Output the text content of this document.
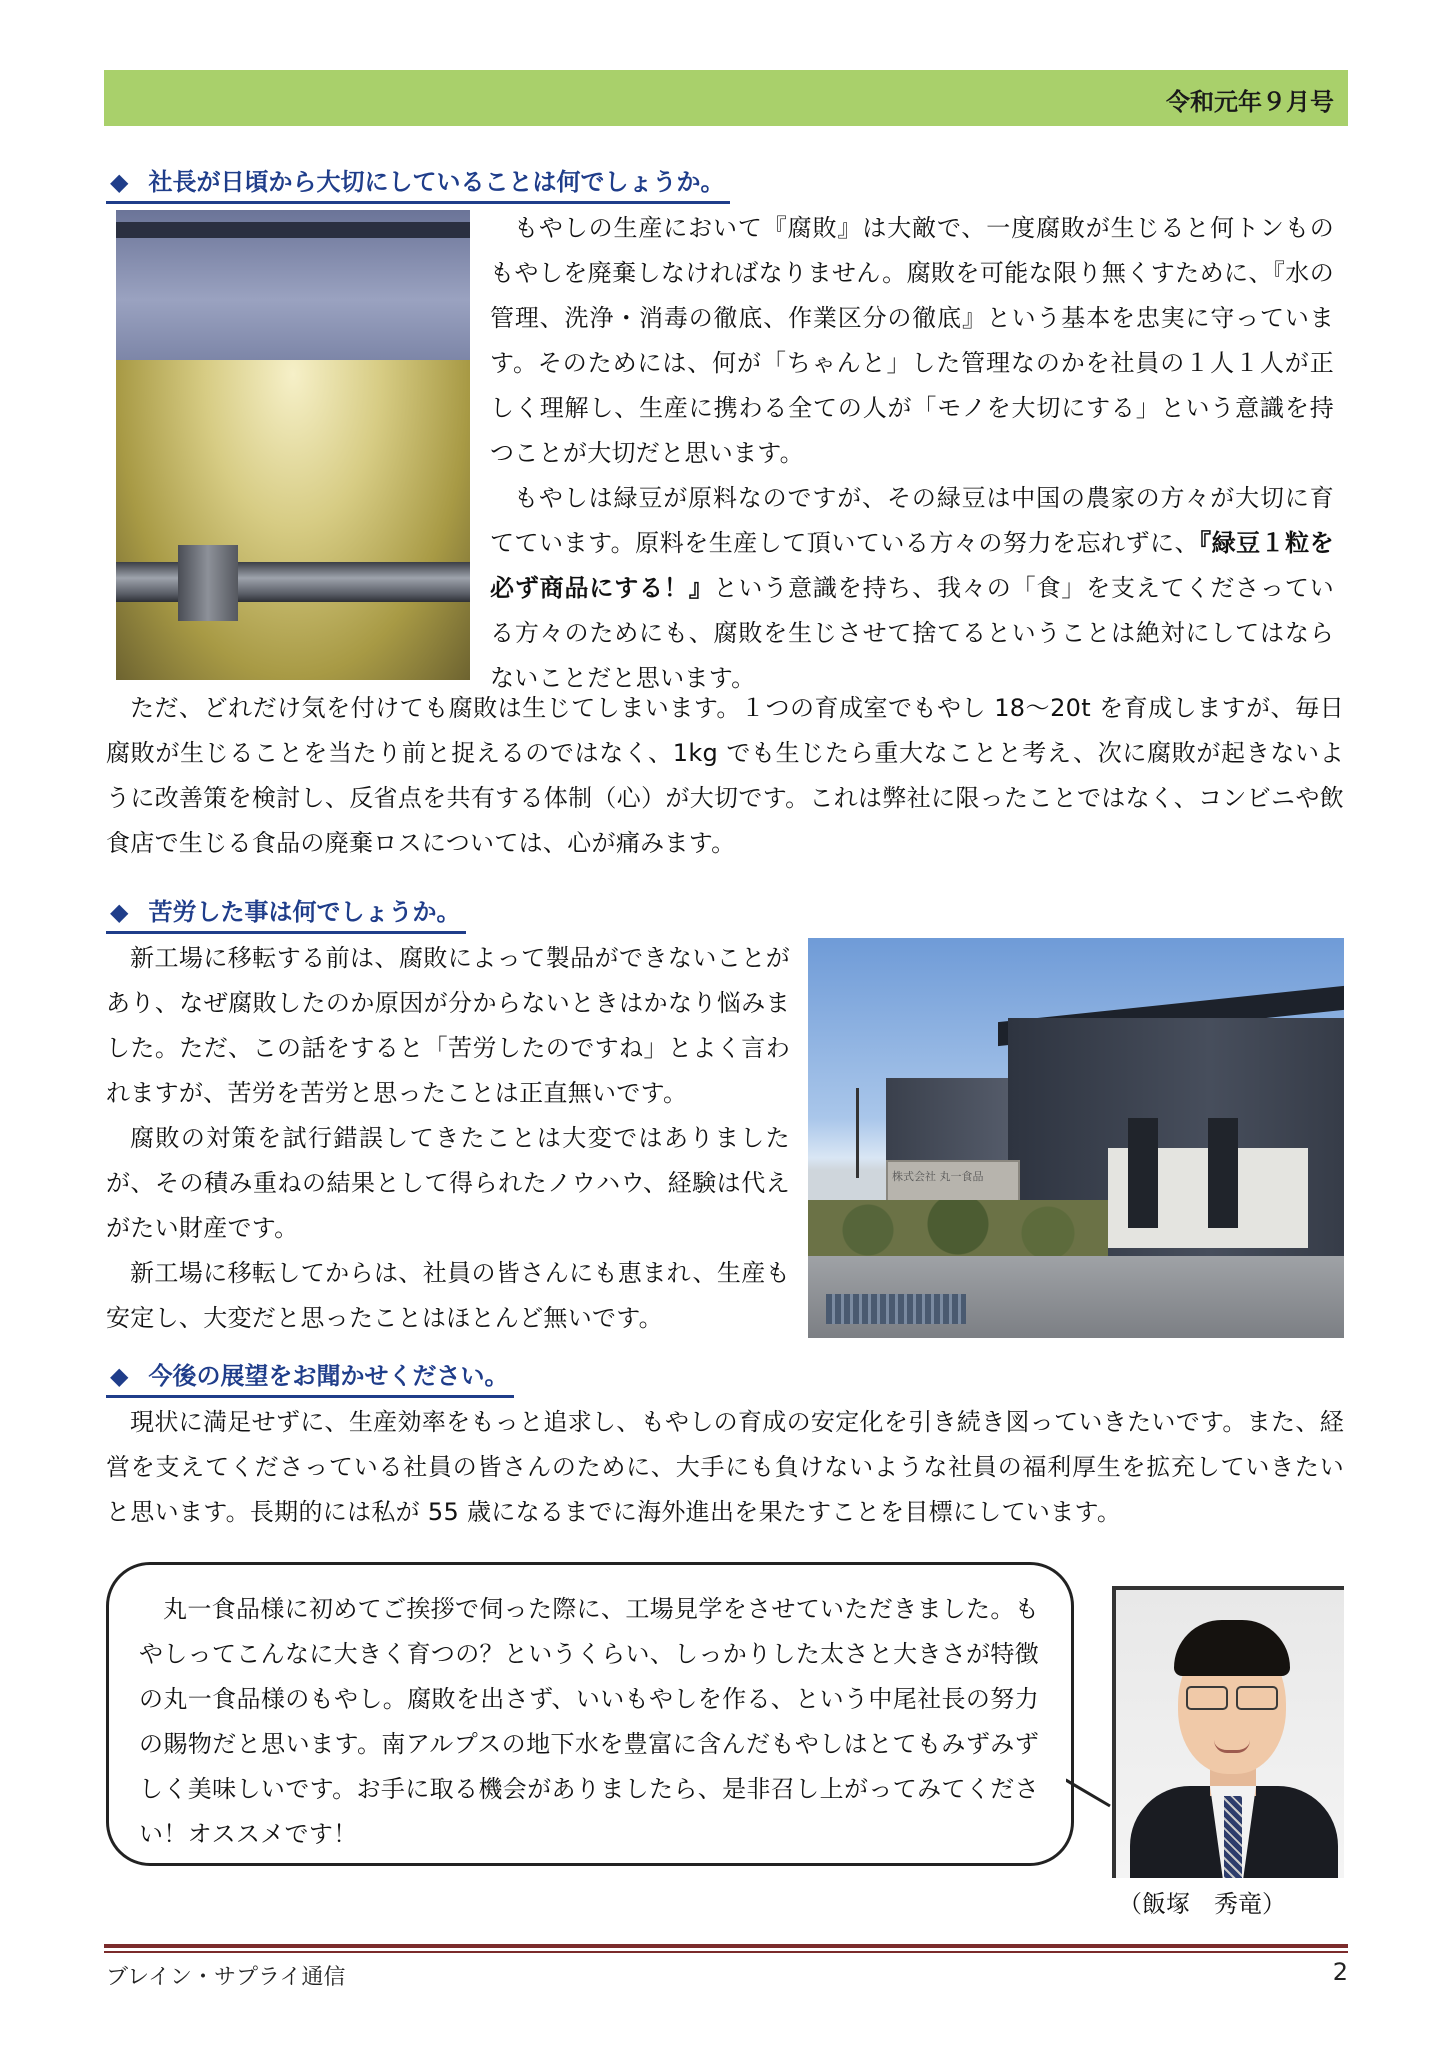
令和元年９月号
◆ 社長が日頃から大切にしていることは何でしょうか。

もやしの生産において『腐敗』は大敵で、一度腐敗が生じると何トンものもやしを廃棄しなければなりません。腐敗を可能な限り無くすために、『水の管理、洗浄・消毒の徹底、作業区分の徹底』という基本を忠実に守っています。そのためには、何が「ちゃんと」した管理なのかを社員の１人１人が正しく理解し、生産に携わる全ての人が「モノを大切にする」という意識を持つことが大切だと思います。

もやしは緑豆が原料なのですが、その緑豆は中国の農家の方々が大切に育てています。原料を生産して頂いている方々の努力を忘れずに、『緑豆１粒を必ず商品にする！』という意識を持ち、我々の「食」を支えてくださっている方々のためにも、腐敗を生じさせて捨てるということは絶対にしてはならないことだと思います。

ただ、どれだけ気を付けても腐敗は生じてしまいます。１つの育成室でもやし 18～20t を育成しますが、毎日腐敗が生じることを当たり前と捉えるのではなく、1kg でも生じたら重大なことと考え、次に腐敗が起きないように改善策を検討し、反省点を共有する体制（心）が大切です。これは弊社に限ったことではなく、コンビニや飲食店で生じる食品の廃棄ロスについては、心が痛みます。

◆ 苦労した事は何でしょうか。

新工場に移転する前は、腐敗によって製品ができないことがあり、なぜ腐敗したのか原因が分からないときはかなり悩みました。ただ、この話をすると「苦労したのですね」とよく言われますが、苦労を苦労と思ったことは正直無いです。

腐敗の対策を試行錯誤してきたことは大変ではありましたが、その積み重ねの結果として得られたノウハウ、経験は代えがたい財産です。

新工場に移転してからは、社員の皆さんにも恵まれ、生産も安定し、大変だと思ったことはほとんど無いです。

株式会社 丸一食品
◆ 今後の展望をお聞かせください。

現状に満足せずに、生産効率をもっと追求し、もやしの育成の安定化を引き続き図っていきたいです。また、経営を支えてくださっている社員の皆さんのために、大手にも負けないような社員の福利厚生を拡充していきたいと思います。長期的には私が 55 歳になるまでに海外進出を果たすことを目標にしています。

丸一食品様に初めてご挨拶で伺った際に、工場見学をさせていただきました。もやしってこんなに大きく育つの？というくらい、しっかりした太さと大きさが特徴の丸一食品様のもやし。腐敗を出さず、いいもやしを作る、という中尾社長の努力の賜物だと思います。南アルプスの地下水を豊富に含んだもやしはとてもみずみずしく美味しいです。お手に取る機会がありましたら、是非召し上がってみてください！オススメです！

（飯塚　秀竜）
ブレイン・サプライ通信	2
